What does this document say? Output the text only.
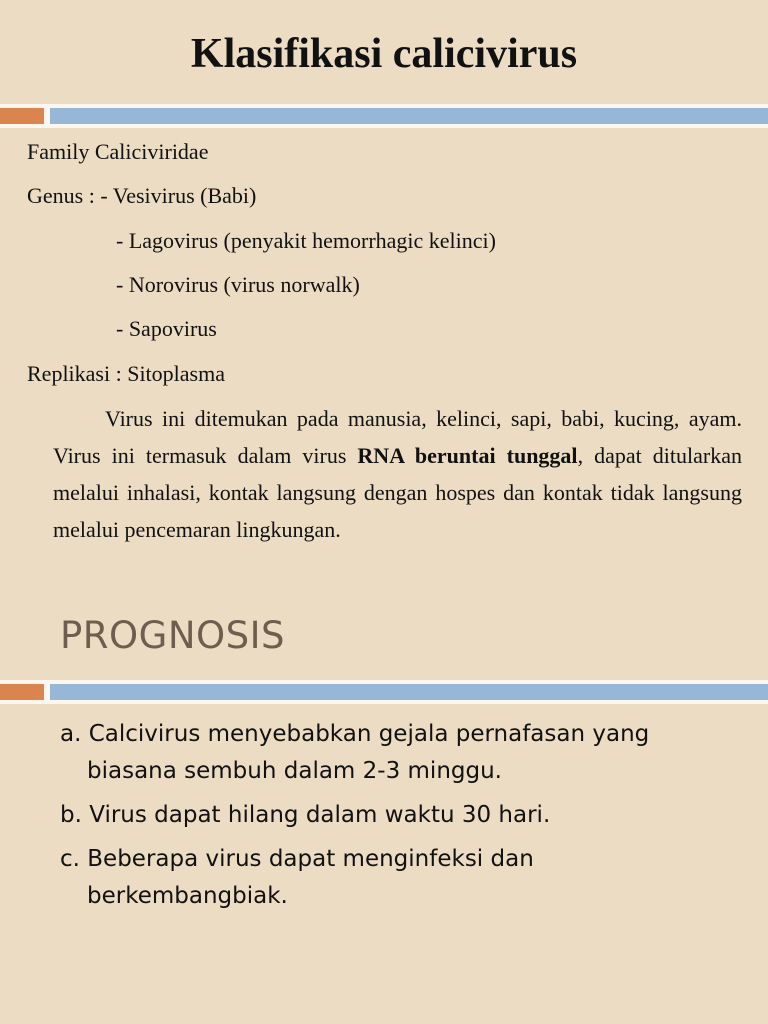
Klasifikasi calicivirus
Family Caliciviridae
Genus : - Vesivirus (Babi)
- Lagovirus (penyakit hemorrhagic kelinci)
- Norovirus (virus norwalk)
- Sapovirus
Replikasi : Sitoplasma
Virus ini ditemukan pada manusia, kelinci, sapi, babi, kucing, ayam. Virus ini termasuk dalam virus RNA beruntai tunggal, dapat ditularkan melalui inhalasi, kontak langsung dengan hospes dan kontak tidak langsung melalui pencemaran lingkungan.
PROGNOSIS
a. Calcivirus menyebabkan gejala pernafasan yang
biasana sembuh dalam 2-3 minggu.
b. Virus dapat hilang dalam waktu 30 hari.
c. Beberapa virus dapat menginfeksi dan
berkembangbiak.
